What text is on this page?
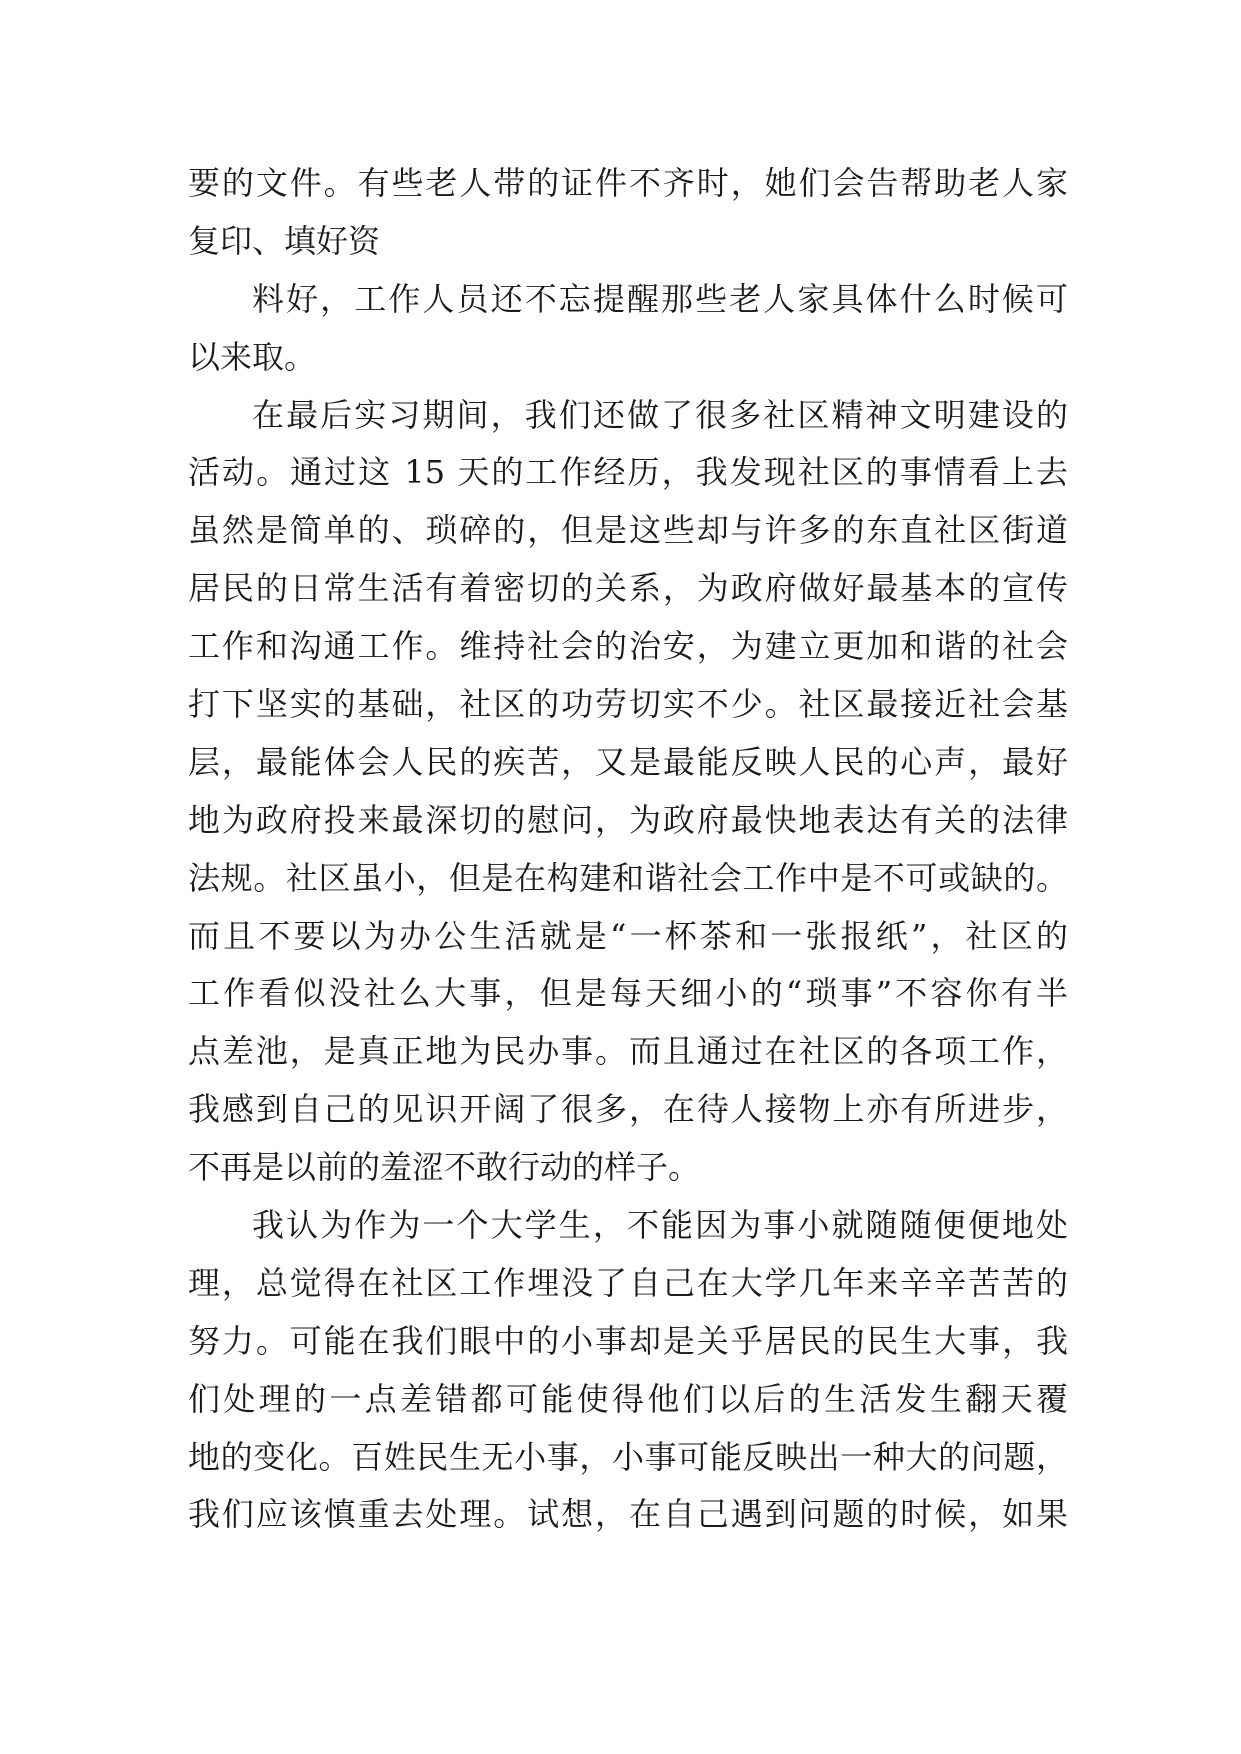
要的文件。有些老人带的证件不齐时，她们会告帮助老人家
复印、填好资
料好，工作人员还不忘提醒那些老人家具体什么时候可
以来取。
在最后实习期间，我们还做了很多社区精神文明建设的
活动。通过这 15 天的工作经历，我发现社区的事情看上去
虽然是简单的、琐碎的，但是这些却与许多的东直社区街道
居民的日常生活有着密切的关系，为政府做好最基本的宣传
工作和沟通工作。维持社会的治安，为建立更加和谐的社会
打下坚实的基础，社区的功劳切实不少。社区最接近社会基
层，最能体会人民的疾苦，又是最能反映人民的心声，最好
地为政府投来最深切的慰问，为政府最快地表达有关的法律
法规。社区虽小，但是在构建和谐社会工作中是不可或缺的。
而且不要以为办公生活就是“一杯茶和一张报纸”，社区的
工作看似没社么大事，但是每天细小的“琐事”不容你有半
点差池，是真正地为民办事。而且通过在社区的各项工作，
我感到自己的见识开阔了很多，在待人接物上亦有所进步，
不再是以前的羞涩不敢行动的样子。
我认为作为一个大学生，不能因为事小就随随便便地处
理，总觉得在社区工作埋没了自己在大学几年来辛辛苦苦的
努力。可能在我们眼中的小事却是关乎居民的民生大事，我
们处理的一点差错都可能使得他们以后的生活发生翻天覆
地的变化。百姓民生无小事，小事可能反映出一种大的问题，
我们应该慎重去处理。试想，在自己遇到问题的时候，如果
